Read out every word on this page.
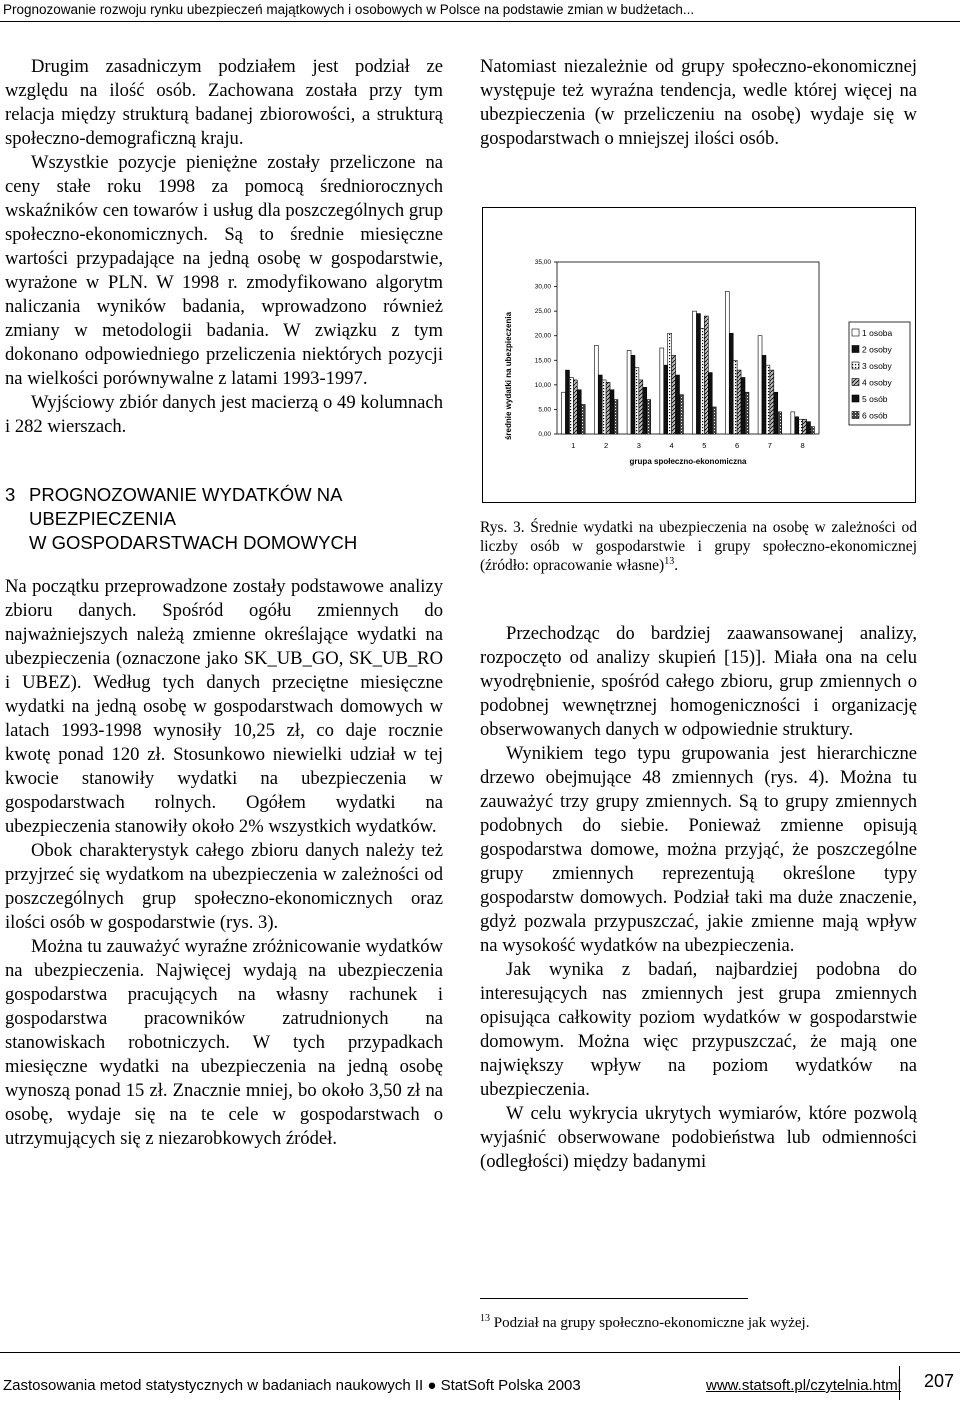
Prognozowanie rozwoju rynku ubezpieczeń majątkowych i osobowych w Polsce na podstawie zmian w budżetach...

Drugim zasadniczym podziałem jest podział ze względu na ilość osób. Zachowana została przy tym relacja między strukturą badanej zbiorowości, a strukturą społeczno-demograficzną kraju.

Wszystkie pozycje pieniężne zostały przeliczone na ceny stałe roku 1998 za pomocą średniorocznych wskaźników cen towarów i usług dla poszczególnych grup społeczno-ekonomicznych. Są to średnie miesięczne wartości przypadające na jedną osobę w gospodarstwie, wyrażone w PLN. W 1998 r. zmodyfikowano algorytm naliczania wyników badania, wprowadzono również zmiany w metodologii badania. W związku z tym dokonano odpowiedniego przeliczenia niektórych pozycji na wielkości porównywalne z latami 1993-1997.

Wyjściowy zbiór danych jest macierzą o 49 kolumnach i 282 wierszach.

3 PROGNOZOWANIE WYDATKÓW NA
UBEZPIECZENIA
W GOSPODARSTWACH DOMOWYCH

Na początku przeprowadzone zostały podstawowe analizy zbioru danych. Spośród ogółu zmiennych do najważniejszych należą zmienne określające wydatki na ubezpieczenia (oznaczone jako SK_UB_GO, SK_UB_RO i UBEZ). Według tych danych przeciętne miesięczne wydatki na jedną osobę w gospodarstwach domowych w latach 1993-1998 wynosiły 10,25 zł, co daje rocznie kwotę ponad 120 zł. Stosunkowo niewielki udział w tej kwocie stanowiły wydatki na ubezpieczenia w gospodarstwach rolnych. Ogółem wydatki na ubezpieczenia stanowiły około 2% wszystkich wydatków.

Obok charakterystyk całego zbioru danych należy też przyjrzeć się wydatkom na ubezpieczenia w zależności od poszczególnych grup społeczno-ekonomicznych oraz ilości osób w gospodarstwie (rys. 3).

Można tu zauważyć wyraźne zróżnicowanie wydatków na ubezpieczenia. Najwięcej wydają na ubezpieczenia gospodarstwa pracujących na własny rachunek i gospodarstwa pracowników zatrudnionych na stanowiskach robotniczych. W tych przypadkach miesięczne wydatki na ubezpieczenia na jedną osobę wynoszą ponad 15 zł. Znacznie mniej, bo około 3,50 zł na osobę, wydaje się na te cele w gospodarstwach o utrzymujących się z niezarobkowych źródeł.

Natomiast niezależnie od grupy społeczno-ekonomicznej występuje też wyraźna tendencja, wedle której więcej na ubezpieczenia (w przeliczeniu na osobę) wydaje się w gospodarstwach o mniejszej ilości osób.

0,00
5,00
10,00
15,00
20,00
25,00
30,00
35,00
1	2	3	4	5	6	7	8
grupa społeczno-ekonomiczna
średnie wydatki na ubezpieczenia	1 osoba
2 osoby
3 osoby
4 osoby
5 osób
6 osób
Rys. 3. Średnie wydatki na ubezpieczenia na osobę w zależności od liczby osób w gospodarstwie i grupy społeczno-ekonomicznej (źródło: opracowanie własne)$^{13}$.

Przechodząc do bardziej zaawansowanej analizy, rozpoczęto od analizy skupień [15)]. Miała ona na celu wyodrębnienie, spośród całego zbioru, grup zmiennych o podobnej wewnętrznej homogeniczności i organizację obserwowanych danych w odpowiednie struktury.

Wynikiem tego typu grupowania jest hierarchiczne drzewo obejmujące 48 zmiennych (rys. 4). Można tu zauważyć trzy grupy zmiennych. Są to grupy zmiennych podobnych do siebie. Ponieważ zmienne opisują gospodarstwa domowe, można przyjąć, że poszczególne grupy zmiennych reprezentują określone typy gospodarstw domowych. Podział taki ma duże znaczenie, gdyż pozwala przypuszczać, jakie zmienne mają wpływ na wysokość wydatków na ubezpieczenia.

Jak wynika z badań, najbardziej podobna do interesujących nas zmiennych jest grupa zmiennych opisująca całkowity poziom wydatków w gospodarstwie domowym. Można więc przypuszczać, że mają one największy wpływ na poziom wydatków na ubezpieczenia.

W celu wykrycia ukrytych wymiarów, które pozwolą wyjaśnić obserwowane podobieństwa lub odmienności (odległości) między badanymi

$^{13}$ Podział na grupy społeczno-ekonomiczne jak wyżej.
Zastosowania metod statystycznych w badaniach naukowych II ● StatSoft Polska 2003	www.statsoft.pl/czytelnia.html 207
